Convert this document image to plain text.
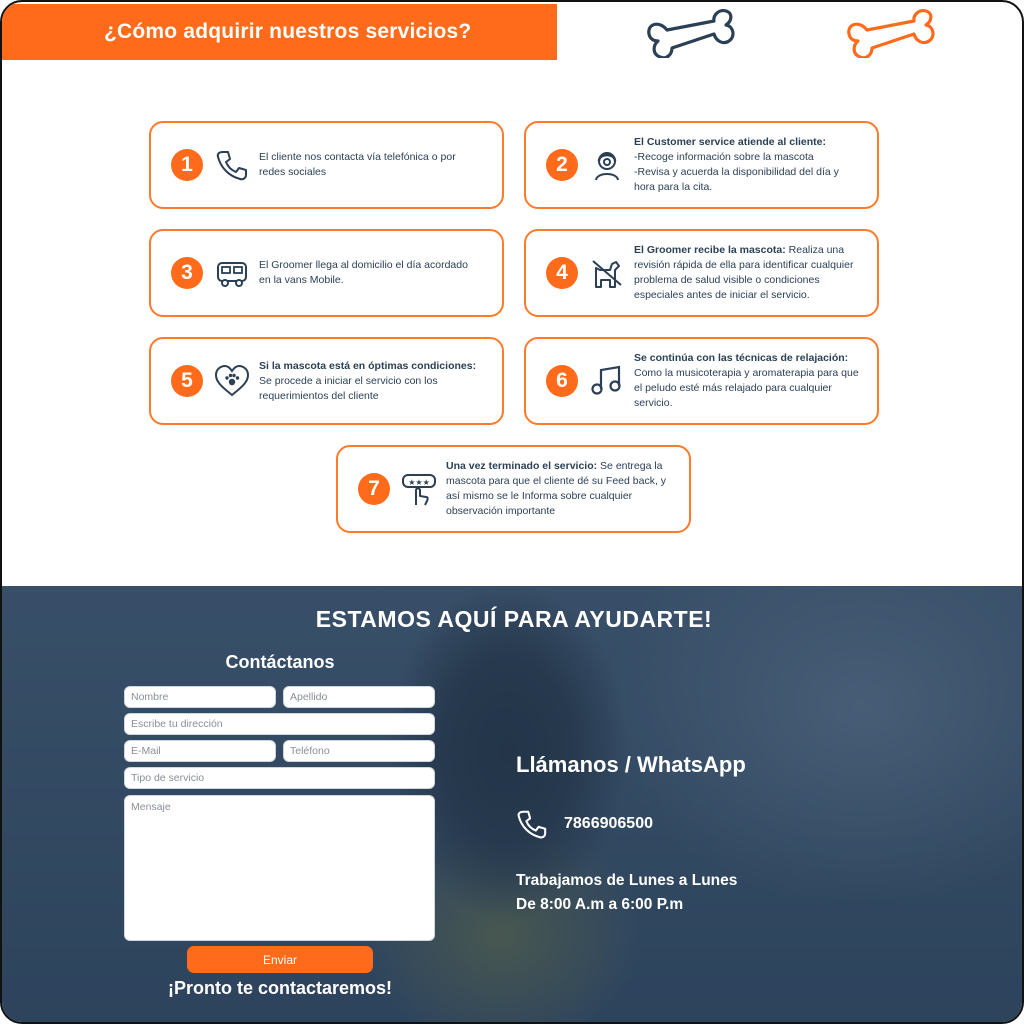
¿Cómo adquirir nuestros servicios?
1	El cliente nos contacta vía telefónica o por
redes sociales	2
El Customer service atiende al cliente:
-Recoge información sobre la mascota
-Revisa y acuerda la disponibilidad del día y
hora para la cita.
3	El Groomer llega al domicilio el día acordado
en la vans Mobile.	4
El Groomer recibe la mascota: Realiza una
revisión rápida de ella para identificar cualquier
problema de salud visible o condiciones
especiales antes de iniciar el servicio.
5
Si la mascota está en óptimas condiciones:
Se procede a iniciar el servicio con los
requerimientos del cliente
6
Se continúa con las técnicas de relajación:
Como la musicoterapia y aromaterapia para que
el peludo esté más relajado para cualquier
servicio.
7	★★★
Una vez terminado el servicio: Se entrega la
mascota para que el cliente dé su Feed back, y
así mismo se le Informa sobre cualquier
observación importante
ESTAMOS AQUÍ PARA AYUDARTE!
Contáctanos
Nombre
Apellido
Escribe tu dirección
E-Mail
Teléfono
Tipo de servicio
Mensaje
Enviar
¡Pronto te contactaremos!
Llámanos / WhatsApp
7866906500
Trabajamos de Lunes a Lunes
De 8:00 A.m a 6:00 P.m
